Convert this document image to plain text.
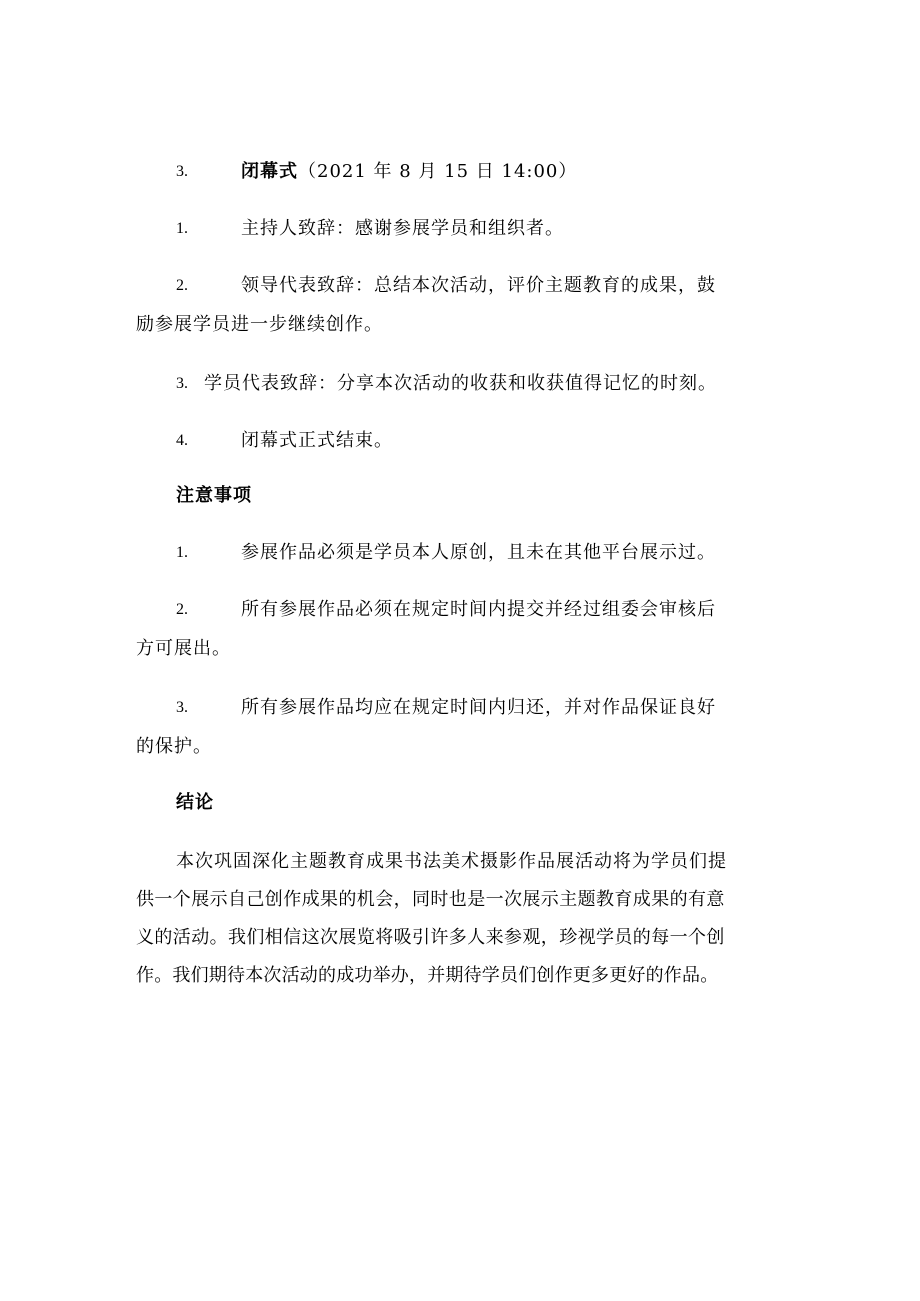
3.	闭幕式（2021 年 8 月 15 日 14:00）
1.	主持人致辞：感谢参展学员和组织者。
2.	领导代表致辞：总结本次活动，评价主题教育的成果，鼓
励参展学员进一步继续创作。
3. 学员代表致辞：分享本次活动的收获和收获值得记忆的时刻。
4.	闭幕式正式结束。
注意事项
1.	参展作品必须是学员本人原创，且未在其他平台展示过。
2.	所有参展作品必须在规定时间内提交并经过组委会审核后
方可展出。
3.	所有参展作品均应在规定时间内归还，并对作品保证良好
的保护。
结论
本次巩固深化主题教育成果书法美术摄影作品展活动将为学员们提
供一个展示自己创作成果的机会，同时也是一次展示主题教育成果的有意
义的活动。我们相信这次展览将吸引许多人来参观，珍视学员的每一个创
作。我们期待本次活动的成功举办，并期待学员们创作更多更好的作品。
